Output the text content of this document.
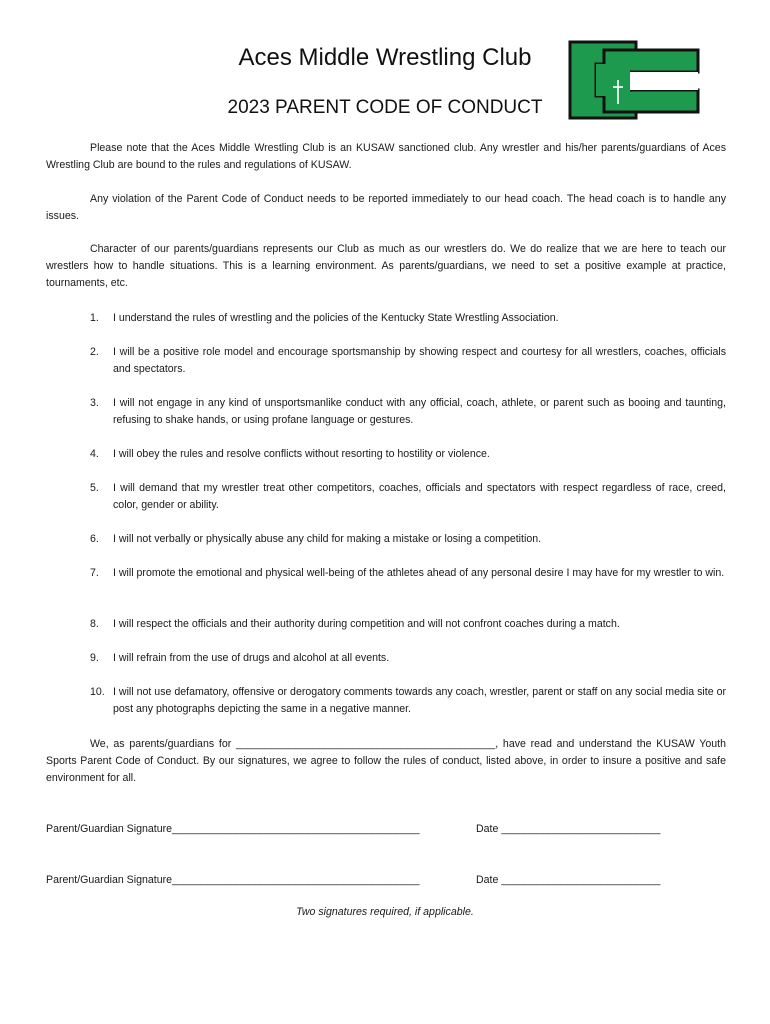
Aces Middle Wrestling Club
2023 PARENT CODE OF CONDUCT

Please note that the Aces Middle Wrestling Club is an KUSAW sanctioned club. Any wrestler and his/her parents/guardians of Aces Wrestling Club are bound to the rules and regulations of KUSAW.

Any violation of the Parent Code of Conduct needs to be reported immediately to our head coach. The head coach is to handle any issues.

Character of our parents/guardians represents our Club as much as our wrestlers do. We do realize that we are here to teach our wrestlers how to handle situations. This is a learning environment. As parents/guardians, we need to set a positive example at practice, tournaments, etc.

1. I understand the rules of wrestling and the policies of the Kentucky State Wrestling Association.
2. I will be a positive role model and encourage sportsmanship by showing respect and courtesy for all wrestlers, coaches, officials and spectators.
3. I will not engage in any kind of unsportsmanlike conduct with any official, coach, athlete, or parent such as booing and taunting, refusing to shake hands, or using profane language or gestures.
4. I will obey the rules and resolve conflicts without resorting to hostility or violence.
5. I will demand that my wrestler treat other competitors, coaches, officials and spectators with respect regardless of race, creed, color, gender or ability.
6. I will not verbally or physically abuse any child for making a mistake or losing a competition.
7. I will promote the emotional and physical well-being of the athletes ahead of any personal desire I may have for my wrestler to win.
8. I will respect the officials and their authority during competition and will not confront coaches during a match.
9. I will refrain from the use of drugs and alcohol at all events.
10. I will not use defamatory, offensive or derogatory comments towards any coach, wrestler, parent or staff on any social media site or post any photographs depicting the same in a negative manner.

We, as parents/guardians for ____________________________________________, have read and understand the KUSAW Youth Sports Parent Code of Conduct. By our signatures, we agree to follow the rules of conduct, listed above, in order to insure a positive and safe environment for all.

Parent/Guardian Signature__________________________________________	Date ___________________________
Parent/Guardian Signature__________________________________________	Date ___________________________
Two signatures required, if applicable.
